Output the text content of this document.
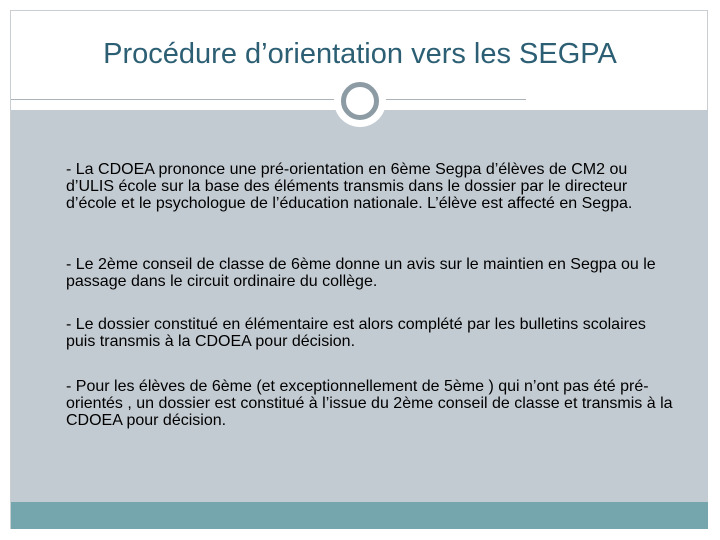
Procédure d’orientation vers les SEGPA

- La CDOEA prononce une pré-orientation en 6ème Segpa d’élèves de CM2 ou d’ULIS école sur la base des éléments transmis dans le dossier par le directeur d’école et le psychologue de l’éducation nationale. L’élève est affecté en Segpa.

- Le 2ème conseil de classe de 6ème donne un avis sur le maintien en Segpa ou le passage dans le circuit ordinaire du collège.

- Le dossier constitué en élémentaire est alors complété par les bulletins scolaires puis transmis à la CDOEA pour décision.

- Pour les élèves de 6ème (et exceptionnellement de 5ème ) qui n’ont pas été pré-orientés , un dossier est constitué à l’issue du 2ème conseil de classe et transmis à la CDOEA pour décision.
